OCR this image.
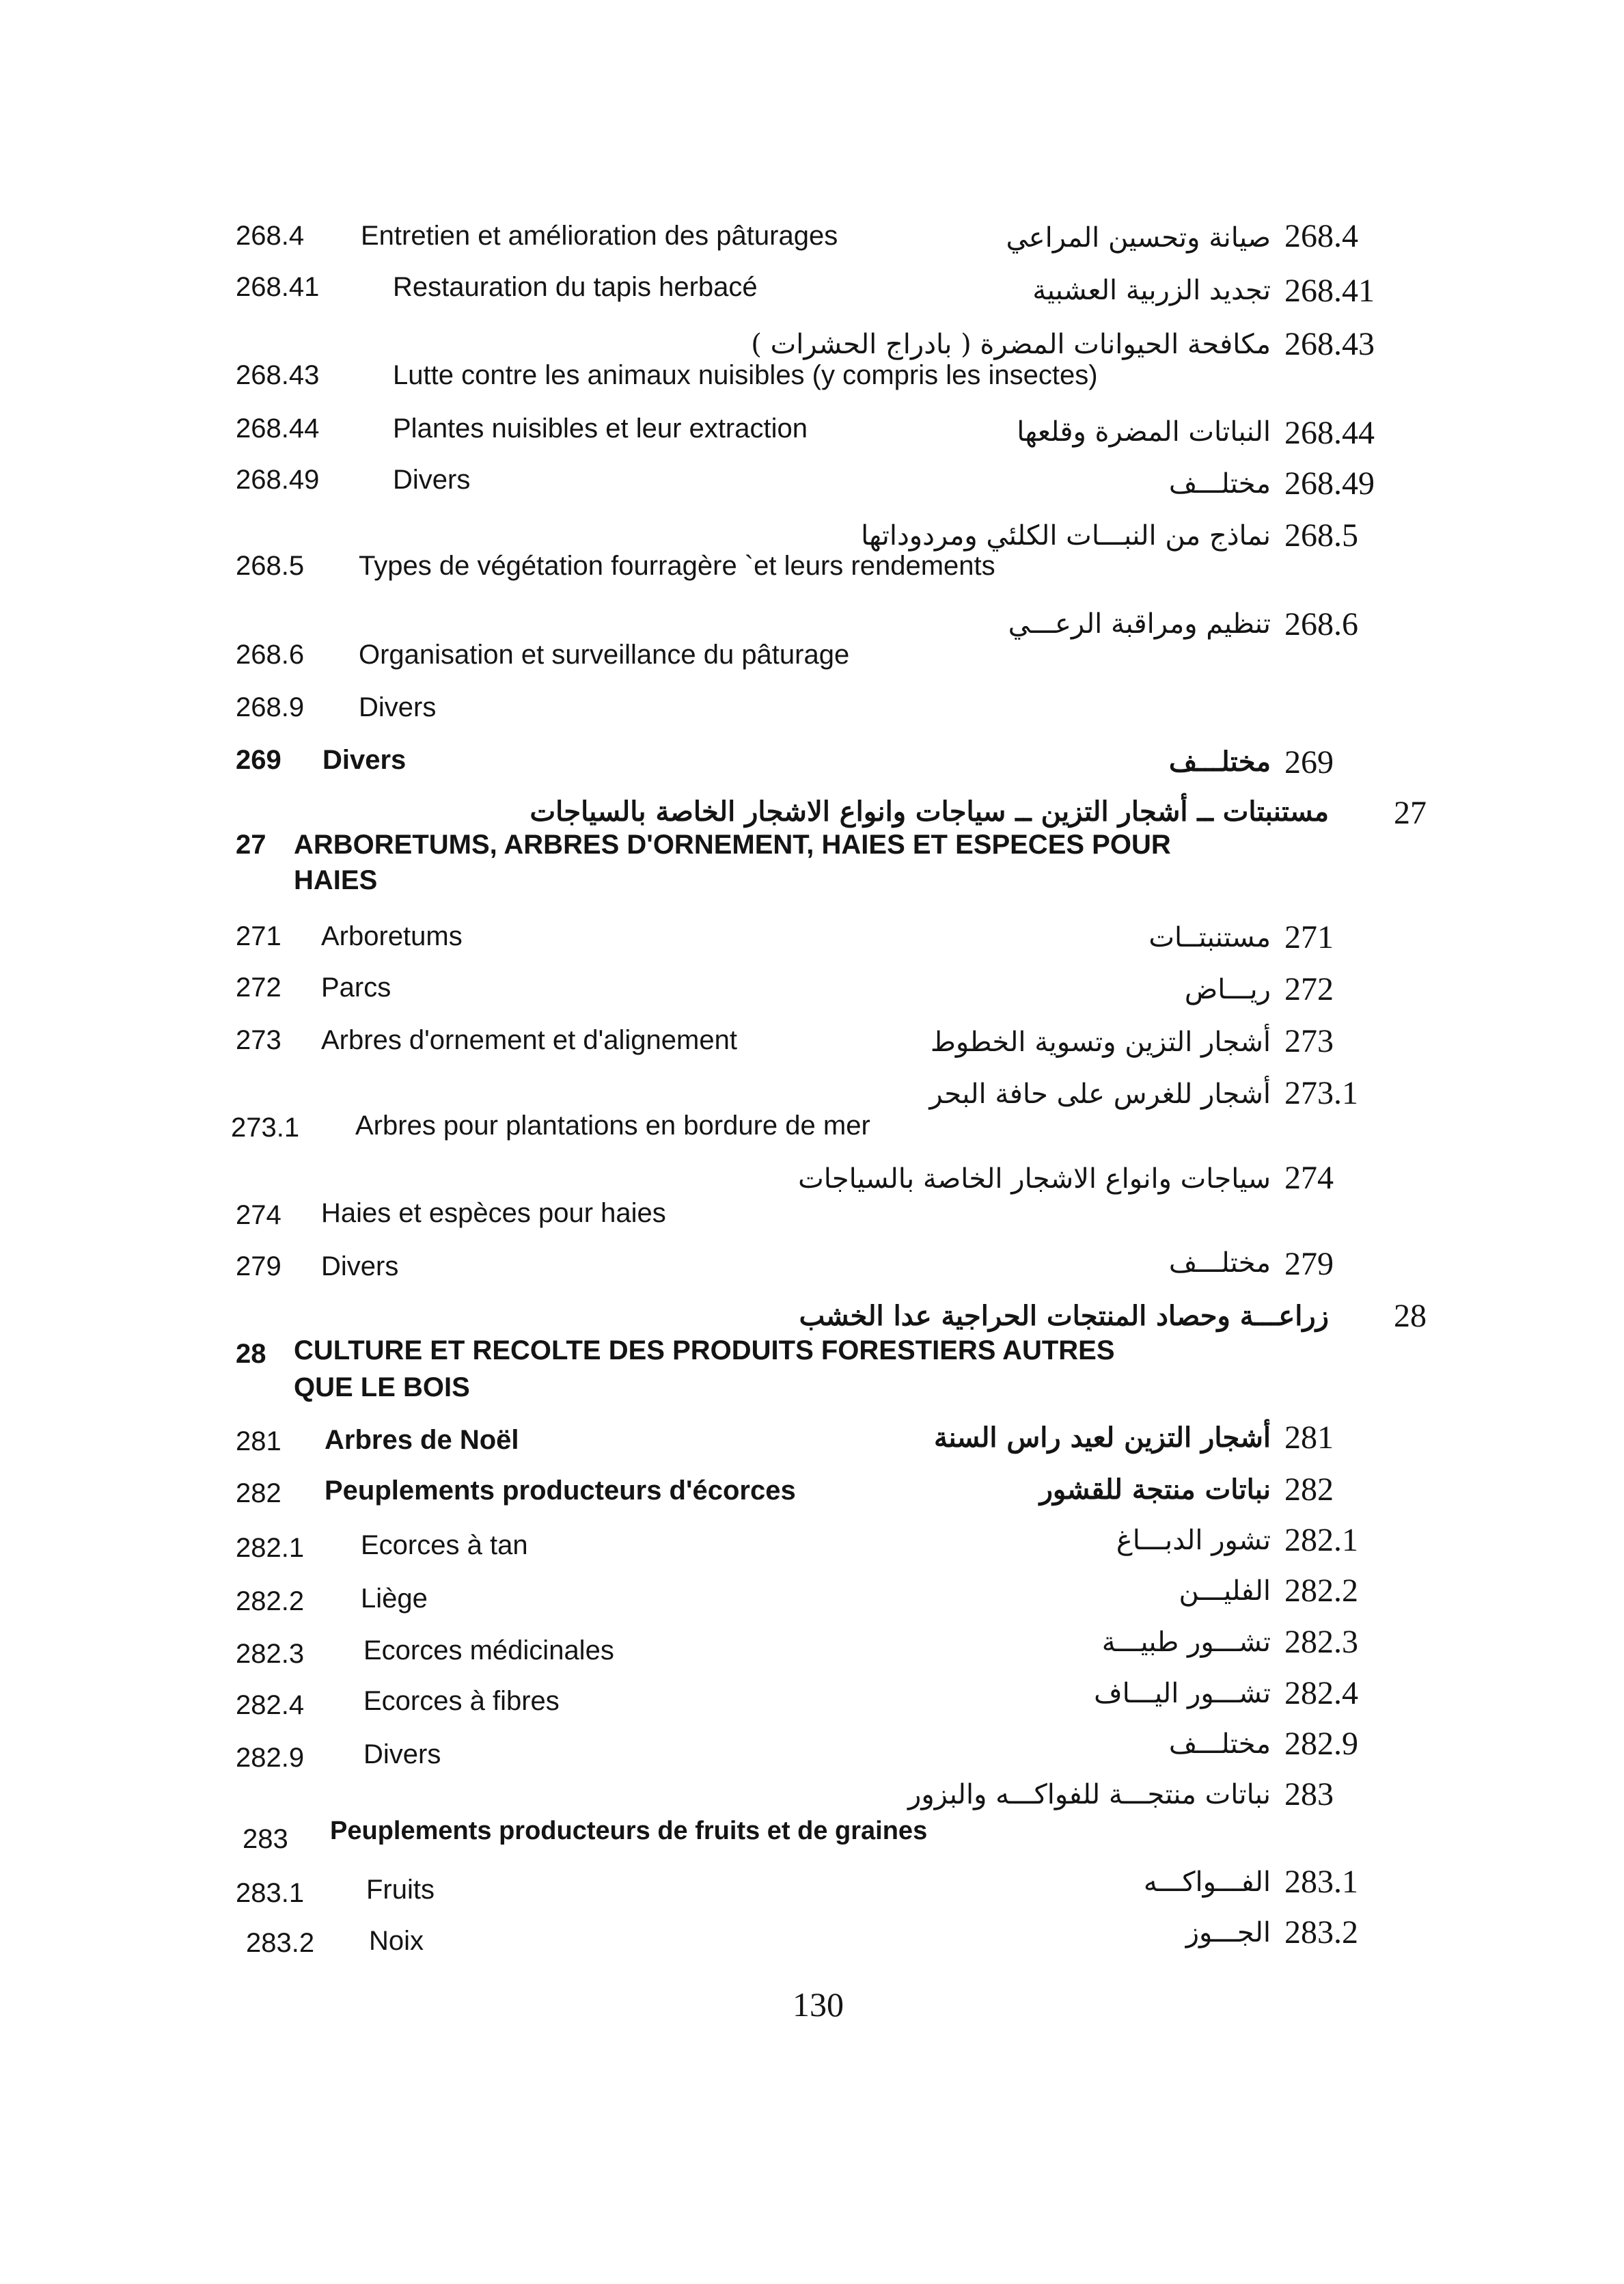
268.4 Entretien et amélioration des pâturages	صيانة وتحسين المراعي 268.4
268.41	Restauration du tapis herbacé	تجديد الزربية العشبية 268.41
مكافحة الحيوانات المضرة ( بادراج الحشرات ) 268.43
268.43	Lutte contre les animaux nuisibles (y compris les insectes)
268.44	Plantes nuisibles et leur extraction	النباتات المضرة وقلعها 268.44
268.49	Divers	مختلـــف 268.49
نماذج من النبـــات الكلئي ومردوداتها 268.5
268.5 Types de végétation fourragère `et leurs rendements
تنظيم ومراقبة الرعـــي 268.6
268.6 Organisation et surveillance du pâturage
268.9 Divers
269 Divers	مختلـــف 269
مستنبتات ــ أشجار التزين ــ سياجات وانواع الاشجار الخاصة بالسياجات 27
27 ARBORETUMS, ARBRES D'ORNEMENT, HAIES ET ESPECES POUR
HAIES
271 Arboretums	مستنبتــات 271
272 Parcs	ريـــاض 272
273 Arbres d'ornement et d'alignement	أشجار التزين وتسوية الخطوط 273
أشجار للغرس على حافة البحر 273.1
273.1 Arbres pour plantations en bordure de mer
سياجات وانواع الاشجار الخاصة بالسياجات 274
274 Haies et espèces pour haies
279 Divers	مختلـــف 279
زراعـــة وحصاد المنتجات الحراجية عدا الخشب 28
28 CULTURE ET RECOLTE DES PRODUITS FORESTIERS AUTRES
QUE LE BOIS
281 Arbres de Noël	أشجار التزين لعيد راس السنة 281
282 Peuplements producteurs d'écorces	نباتات منتجة للقشور 282
282.1 Ecorces à tan	تشور الدبـــاغ 282.1
282.2 Liège	الفليـــن 282.2
282.3 Ecorces médicinales	تشـــور طبيـــة 282.3
282.4 Ecorces à fibres	تشـــور اليـــاف 282.4
282.9 Divers	مختلـــف 282.9
نباتات منتجـــة للفواكـــه والبزور 283
283 Peuplements producteurs de fruits et de graines
283.1 Fruits	الفـــواكـــه 283.1
283.2 Noix	الجـــوز 283.2
130
